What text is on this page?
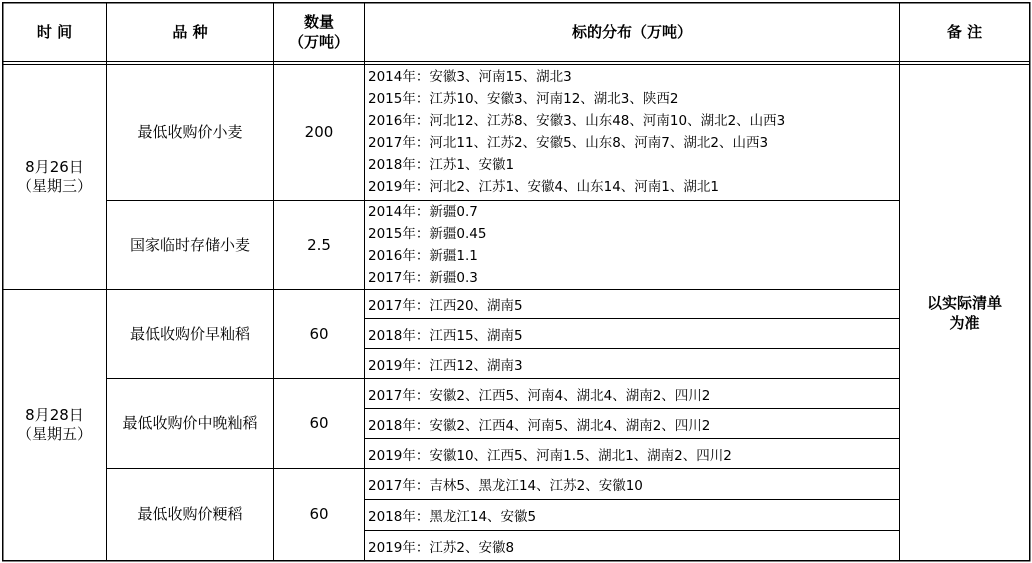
时 间	品 种
数量
（万吨）
标的分布（万吨）	备 注
8月26日
（星期三）
8月28日
（星期五）
最低收购价小麦
国家临时存储小麦
最低收购价早籼稻
最低收购价中晚籼稻
最低收购价粳稻
200
2.5
60
60
60
2014年：安徽3、河南15、湖北3
2015年：江苏10、安徽3、河南12、湖北3、陕西2
2016年：河北12、江苏8、安徽3、山东48、河南10、湖北2、山西3
2017年：河北11、江苏2、安徽5、山东8、河南7、湖北2、山西3
2018年：江苏1、安徽1
2019年：河北2、江苏1、安徽4、山东14、河南1、湖北1
2014年：新疆0.7
2015年：新疆0.45
2016年：新疆1.1
2017年：新疆0.3
2017年：江西20、湖南5
2018年：江西15、湖南5
2019年：江西12、湖南3
2017年：安徽2、江西5、河南4、湖北4、湖南2、四川2
2018年：安徽2、江西4、河南5、湖北4、湖南2、四川2
2019年：安徽10、江西5、河南1.5、湖北1、湖南2、四川2
2017年：吉林5、黑龙江14、江苏2、安徽10
2018年：黑龙江14、安徽5
2019年：江苏2、安徽8
以实际清单
为准
